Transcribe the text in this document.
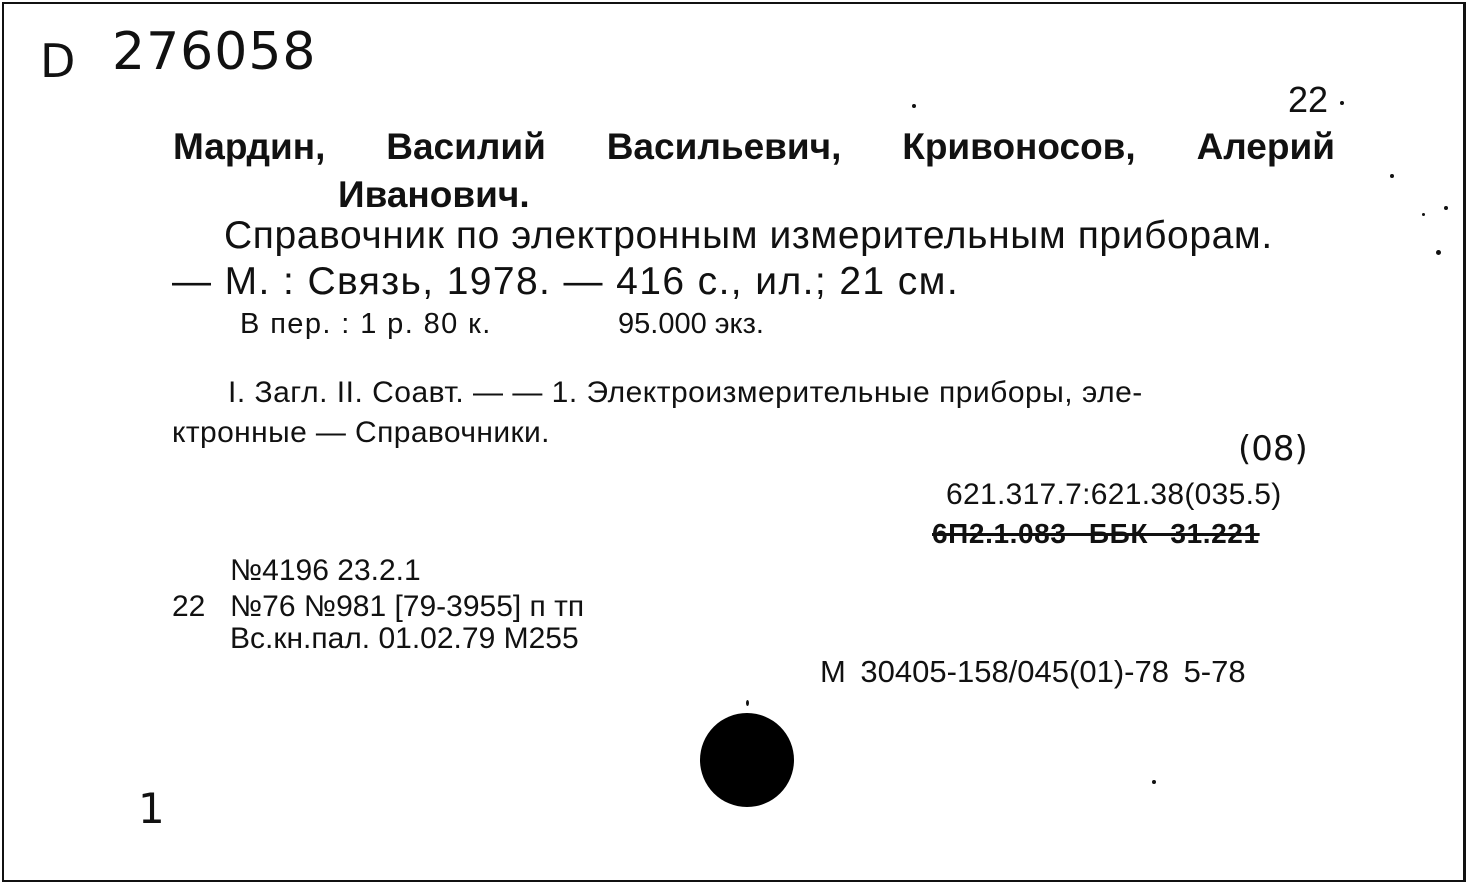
D 276058
22
Мардин, Василий Васильевич, Кривоносов, Алерий
Иванович.
Справочник по электронным измерительным приборам.
— М. : Связь, 1978. — 416 с., ил.; 21 см.
В пер. : 1 р. 80 к.	95.000 экз.
I. Загл. II. Соавт. — — 1. Электроизмерительные приборы, эле-
ктронные — Справочники.	(08)
621.317.7:621.38(035.5)
6П2.1.083 ББК 31.221
№4196 23.2.1
22 №76 №981 [79-3955] п тп
Вс.кн.пал. 01.02.79 М255
М 30405-158/045(01)-78 5-78
1
